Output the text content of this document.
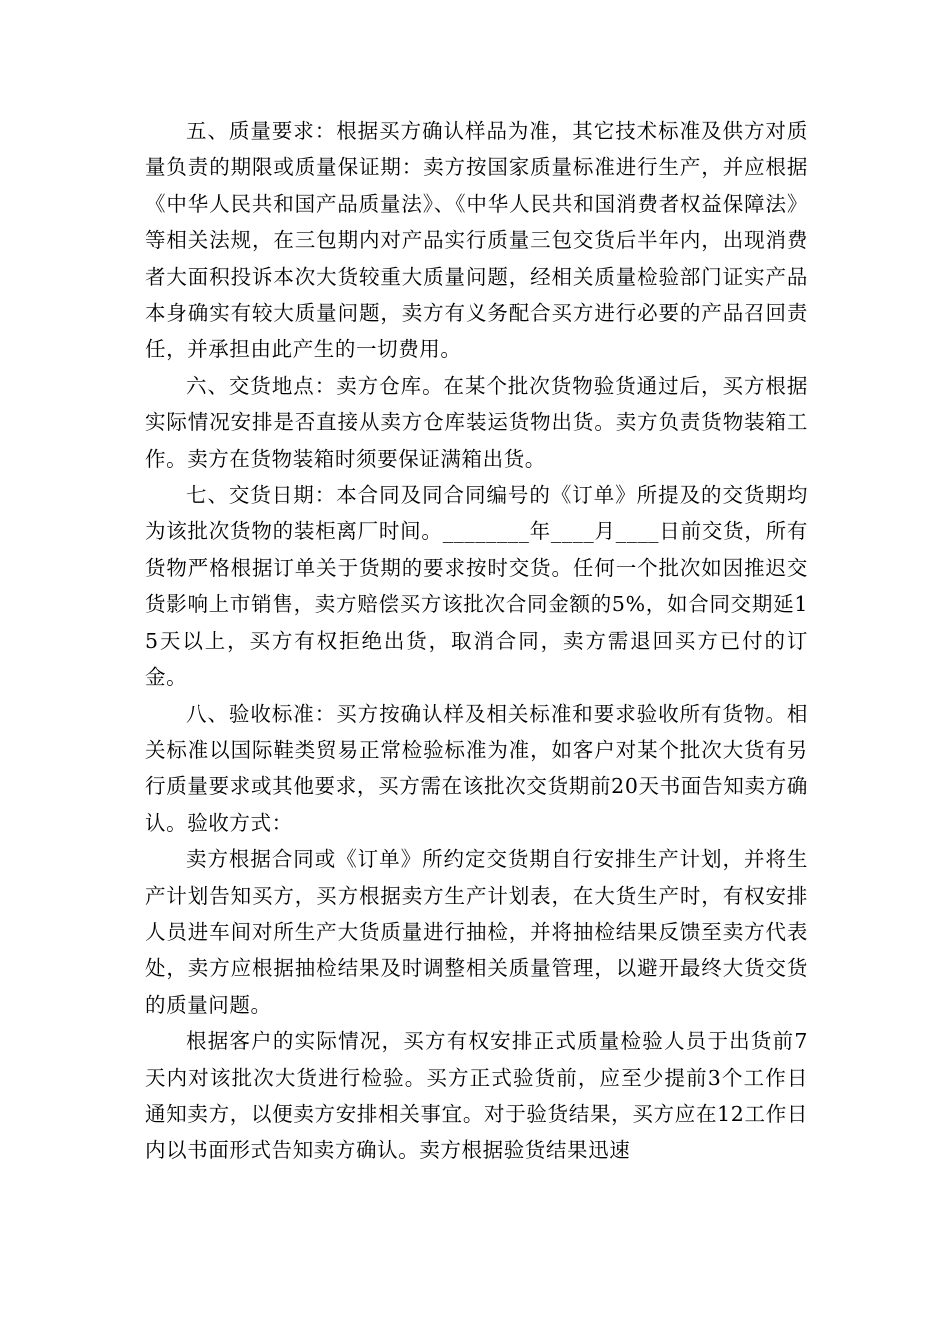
五、质量要求：根据买方确认样品为准，其它技术标准及供方对质量负责的期限或质量保证期：卖方按国家质量标准进行生产，并应根据《中华人民共和国产品质量法》、《中华人民共和国消费者权益保障法》等相关法规，在三包期内对产品实行质量三包交货后半年内，出现消费者大面积投诉本次大货较重大质量问题，经相关质量检验部门证实产品本身确实有较大质量问题，卖方有义务配合买方进行必要的产品召回责任，并承担由此产生的一切费用。

六、交货地点：卖方仓库。在某个批次货物验货通过后，买方根据实际情况安排是否直接从卖方仓库装运货物出货。卖方负责货物装箱工作。卖方在货物装箱时须要保证满箱出货。

七、交货日期：本合同及同合同编号的《订单》所提及的交货期均为该批次货物的装柜离厂时间。________年____月____日前交货，所有货物严格根据订单关于货期的要求按时交货。任何一个批次如因推迟交货影响上市销售，卖方赔偿买方该批次合同金额的5%，如合同交期延15天以上，买方有权拒绝出货，取消合同，卖方需退回买方已付的订金。

八、验收标准：买方按确认样及相关标准和要求验收所有货物。相关标准以国际鞋类贸易正常检验标准为准，如客户对某个批次大货有另行质量要求或其他要求，买方需在该批次交货期前20天书面告知卖方确认。验收方式：

卖方根据合同或《订单》所约定交货期自行安排生产计划，并将生产计划告知买方，买方根据卖方生产计划表，在大货生产时，有权安排人员进车间对所生产大货质量进行抽检，并将抽检结果反馈至卖方代表处，卖方应根据抽检结果及时调整相关质量管理，以避开最终大货交货的质量问题。

根据客户的实际情况，买方有权安排正式质量检验人员于出货前7天内对该批次大货进行检验。买方正式验货前，应至少提前3个工作日通知卖方，以便卖方安排相关事宜。对于验货结果，买方应在12工作日内以书面形式告知卖方确认。卖方根据验货结果迅速
